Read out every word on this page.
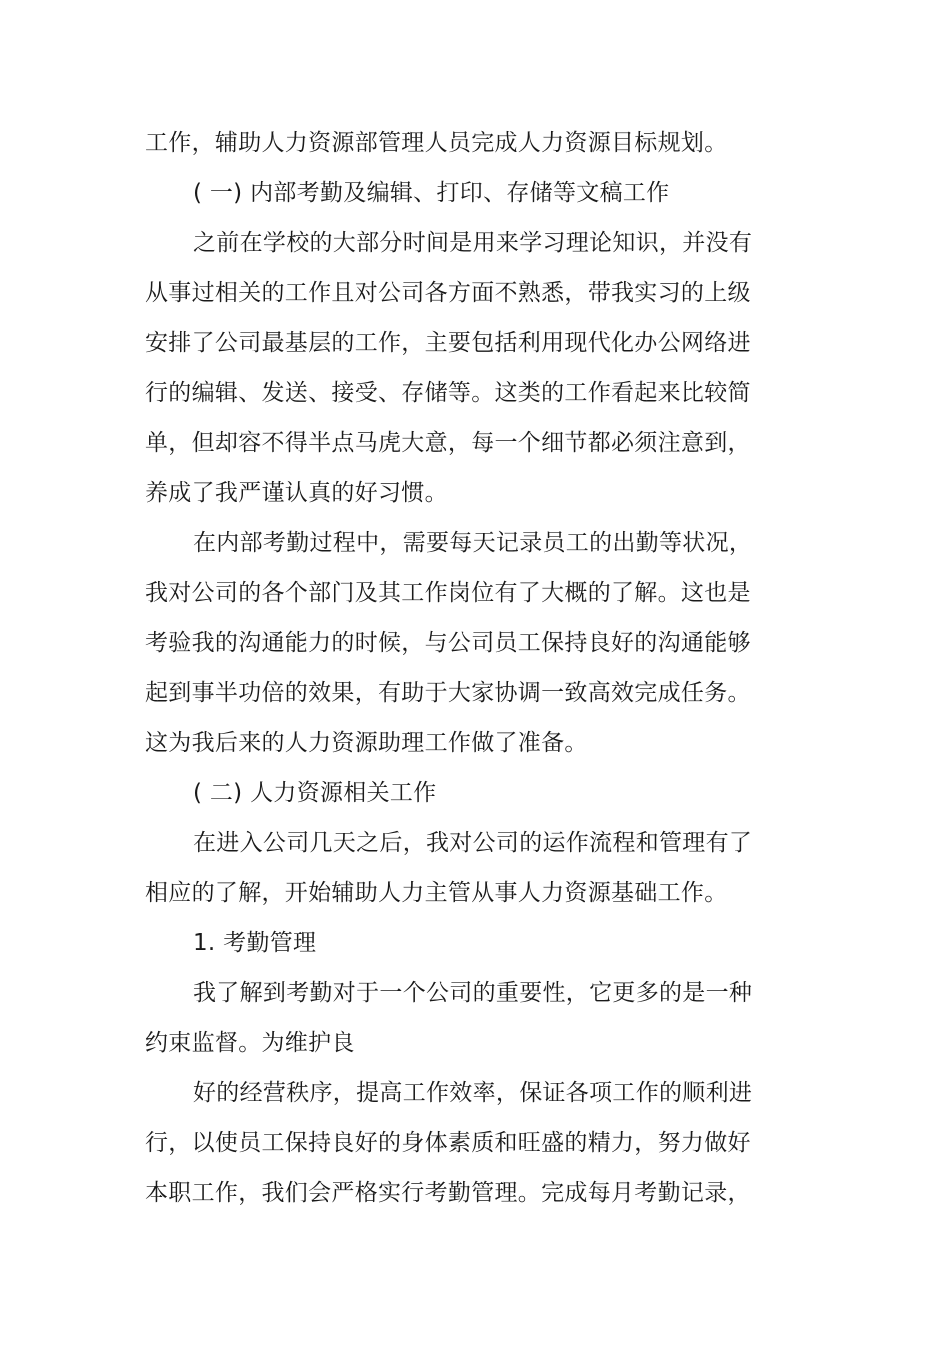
工作，辅助人力资源部管理人员完成人力资源目标规划。
( 一) 内部考勤及编辑、打印、存储等文稿工作
之前在学校的大部分时间是用来学习理论知识，并没有
从事过相关的工作且对公司各方面不熟悉，带我实习的上级
安排了公司最基层的工作，主要包括利用现代化办公网络进
行的编辑、发送、接受、存储等。这类的工作看起来比较简
单，但却容不得半点马虎大意，每一个细节都必须注意到，
养成了我严谨认真的好习惯。
在内部考勤过程中，需要每天记录员工的出勤等状况，
我对公司的各个部门及其工作岗位有了大概的了解。这也是
考验我的沟通能力的时候，与公司员工保持良好的沟通能够
起到事半功倍的效果，有助于大家协调一致高效完成任务。
这为我后来的人力资源助理工作做了准备。
( 二) 人力资源相关工作
在进入公司几天之后，我对公司的运作流程和管理有了
相应的了解，开始辅助人力主管从事人力资源基础工作。
1. 考勤管理
我了解到考勤对于一个公司的重要性，它更多的是一种
约束监督。为维护良
好的经营秩序，提高工作效率，保证各项工作的顺利进
行，以使员工保持良好的身体素质和旺盛的精力，努力做好
本职工作，我们会严格实行考勤管理。完成每月考勤记录，
